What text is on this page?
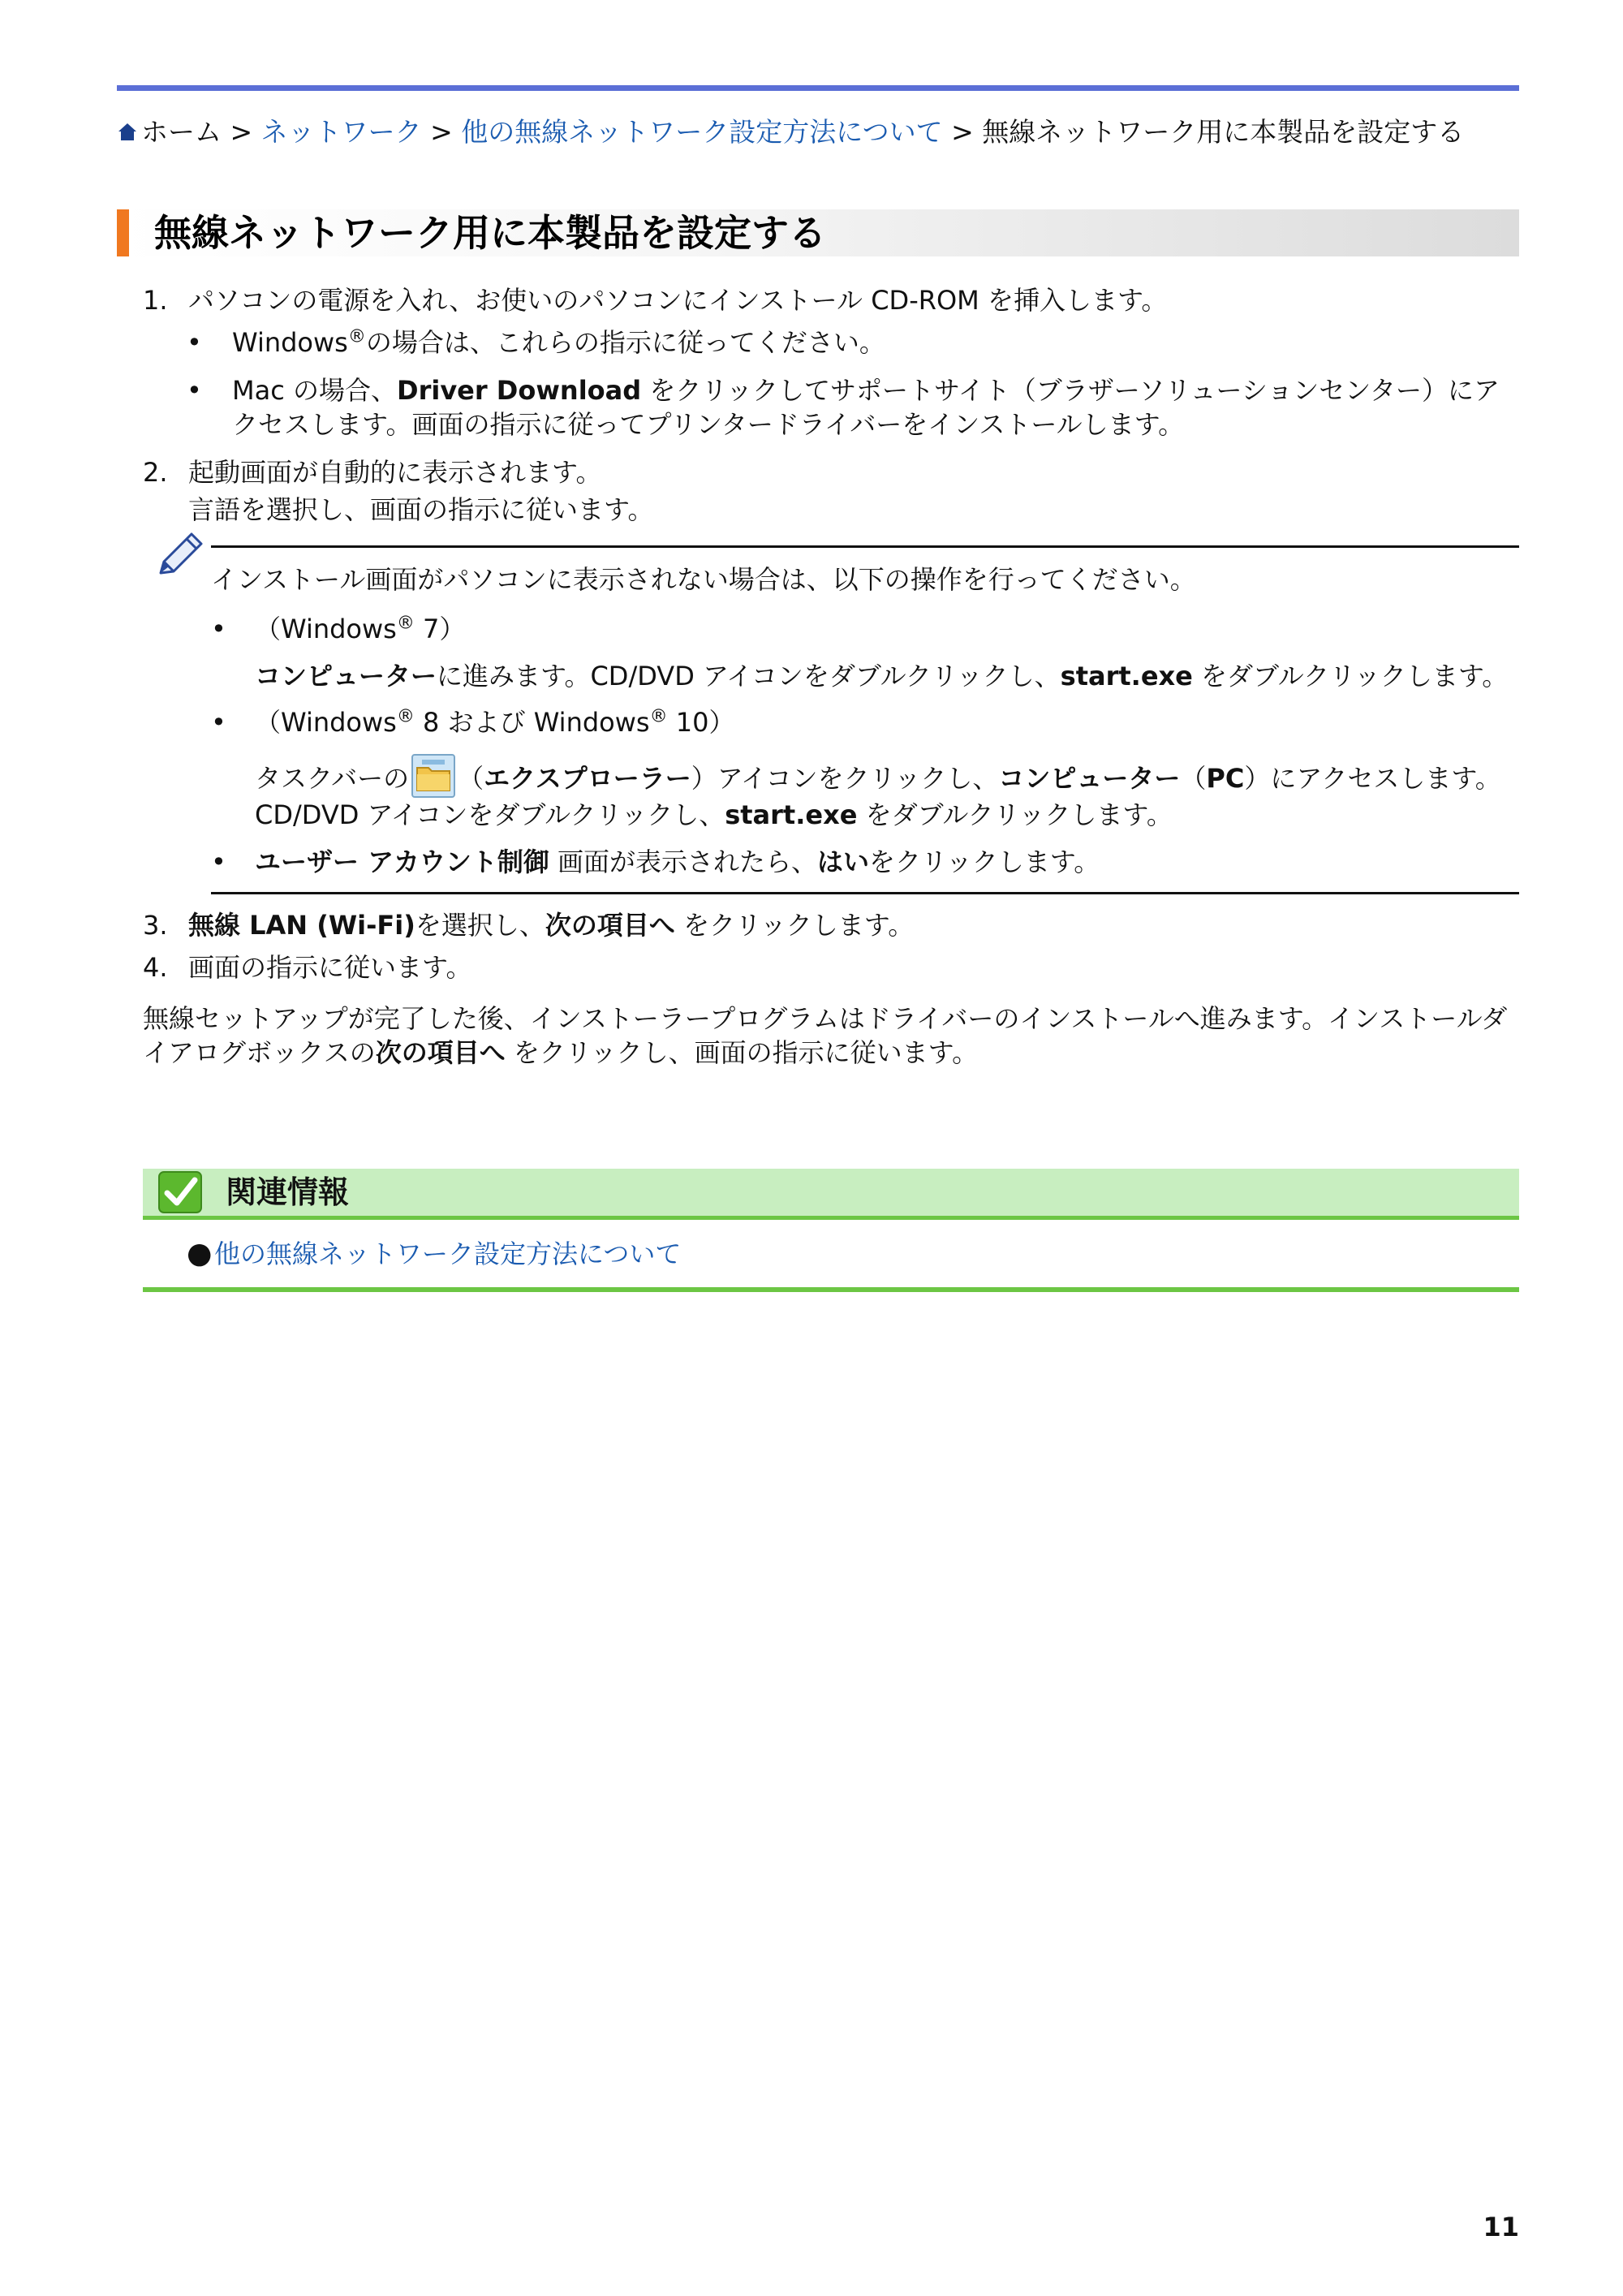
ホーム > ネットワーク > 他の無線ネットワーク設定方法について > 無線ネットワーク用に本製品を設定する
無線ネットワーク用に本製品を設定する
1. パソコンの電源を入れ、お使いのパソコンにインストール CD-ROM を挿入します。
• Windows®の場合は、これらの指示に従ってください。
• Mac の場合、Driver Download をクリックしてサポートサイト（ブラザーソリューションセンター）にアクセスします。画面の指示に従ってプリンタードライバーをインストールします。
2. 起動画面が自動的に表示されます。
言語を選択し、画面の指示に従います。
インストール画面がパソコンに表示されない場合は、以下の操作を行ってください。
• （Windows® 7）
コンピューターに進みます。CD/DVD アイコンをダブルクリックし、start.exe をダブルクリックします。
• （Windows® 8 および Windows® 10）
タスクバーの （エクスプローラー）アイコンをクリックし、コンピューター（PC）にアクセスします。CD/DVD アイコンをダブルクリックし、start.exe をダブルクリックします。
• ユーザー アカウント制御 画面が表示されたら、はいをクリックします。
3. 無線 LAN (Wi-Fi)を選択し、次の項目へ をクリックします。
4. 画面の指示に従います。
無線セットアップが完了した後、インストーラープログラムはドライバーのインストールへ進みます。インストールダイアログボックスの次の項目へ をクリックし、画面の指示に従います。
関連情報
● 他の無線ネットワーク設定方法について
11
